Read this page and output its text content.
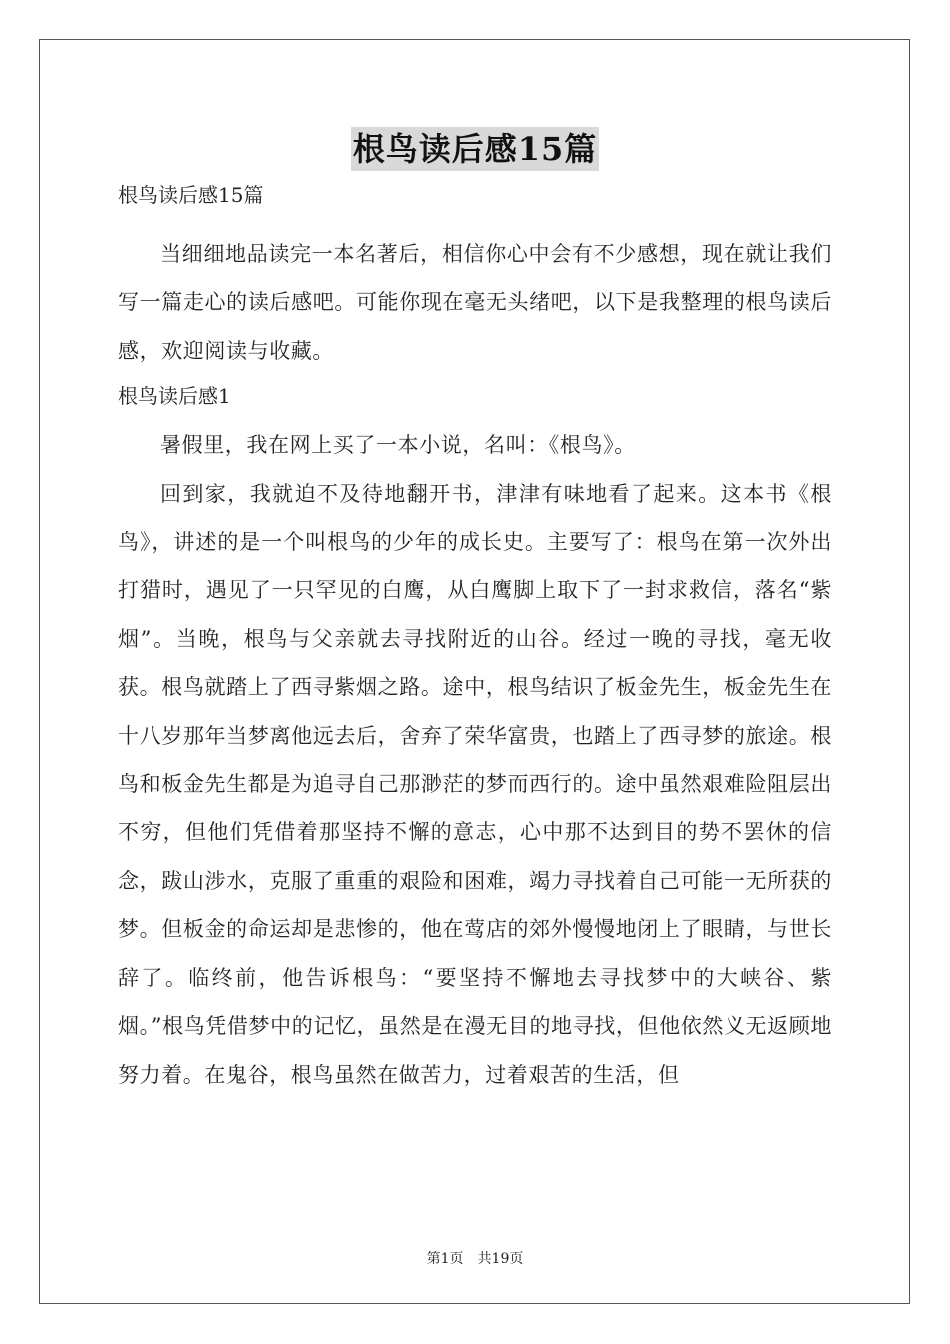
根鸟读后感15篇
根鸟读后感15篇

当细细地品读完一本名著后，相信你心中会有不少感想，现在就让我们写一篇走心的读后感吧。可能你现在毫无头绪吧，以下是我整理的根鸟读后感，欢迎阅读与收藏。

根鸟读后感1

暑假里，我在网上买了一本小说，名叫：《根鸟》。

回到家，我就迫不及待地翻开书，津津有味地看了起来。这本书《根鸟》，讲述的是一个叫根鸟的少年的成长史。主要写了：根鸟在第一次外出打猎时，遇见了一只罕见的白鹰，从白鹰脚上取下了一封求救信，落名“紫烟”。当晚，根鸟与父亲就去寻找附近的山谷。经过一晚的寻找，毫无收获。根鸟就踏上了西寻紫烟之路。途中，根鸟结识了板金先生，板金先生在十八岁那年当梦离他远去后，舍弃了荣华富贵，也踏上了西寻梦的旅途。根鸟和板金先生都是为追寻自己那渺茫的梦而西行的。途中虽然艰难险阻层出不穷，但他们凭借着那坚持不懈的意志，心中那不达到目的势不罢休的信念，跋山涉水，克服了重重的艰险和困难，竭力寻找着自己可能一无所获的梦。但板金的命运却是悲惨的，他在莺店的郊外慢慢地闭上了眼睛，与世长辞了。临终前，他告诉根鸟：“要坚持不懈地去寻找梦中的大峡谷、紫烟。”根鸟凭借梦中的记忆，虽然是在漫无目的地寻找，但他依然义无返顾地努力着。在鬼谷，根鸟虽然在做苦力，过着艰苦的生活，但

第1页　共19页
